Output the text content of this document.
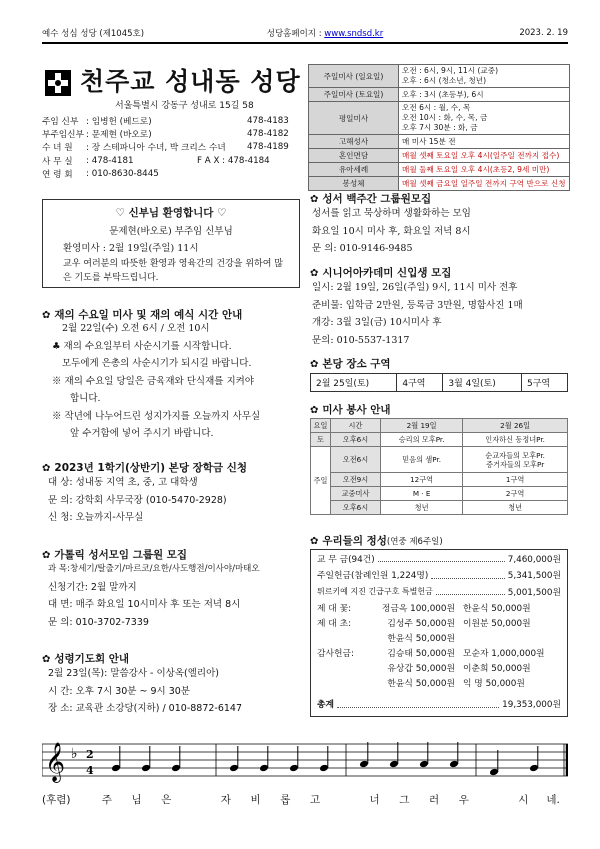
예수 성심 성당 (제1045호)	성당홈페이지 : www.sndsd.kr	2023. 2. 19
천주교 성내동 성당
서울특별시 강동구 성내로 15길 58
주임 신부 : 임병헌 (베드로)	478-4183
부주임신부 : 문제현 (바오로)	478-4182
수 녀 원	: 장 스테파니아 수녀, 박 크리스 수녀	478-4189
사 무 실	: 478-4181	F A X : 478-4184
연 령 회	: 010-8630-8445
주일미사 (일요일)	오전 : 6시, 9시, 11시 (교중)
오후 : 6시 (청소년, 청년)
주일미사 (토요일)	오후 : 3시 (초등부), 6시
평일미사	오전 6시 : 월, 수, 목
오전 10시 : 화, 수, 목, 금
오후 7시 30분 : 화, 금
고해성사	매 미사 15분 전
혼인면담	매월 셋째 토요일 오후 4시(일주일 전까지 접수)
유아세례	매월 둘째 토요일 오후 4시(초등2, 9세 미만)
봉성체	매월 셋째 금요일 일주일 전까지 구역 반으로 신청
♡ 신부님 환영합니다 ♡
문제현(바오로) 부주임 신부님
환영미사 : 2월 19일(주일) 11시
교우 여러분의 따뜻한 환영과 영육간의 건강을 위하여 많은 기도를 부탁드립니다.
✿ 재의 수요일 미사 및 재의 예식 시간 안내
2월 22일(수) 오전 6시 / 오전 10시
♣ 재의 수요일부터 사순시기를 시작합니다.
모두에게 은총의 사순시기가 되시길 바랍니다.
※ 재의 수요일 당일은 금육재와 단식재를 지켜야
합니다.
※ 작년에 나누어드린 성지가지를 오늘까지 사무실
앞 수거함에 넣어 주시기 바랍니다.
✿ 2023년 1학기(상반기) 본당 장학금 신청
대 상: 성내동 지역 초, 중, 고 대학생
문 의: 강학회 사무국장 (010-5470-2928)
신 청: 오늘까지-사무실
✿ 가톨릭 성서모임 그룹원 모집
과 목:창세기/탈출기/마르코/요한/사도행전/이사야/마태오
신청기간: 2월 말까지
대 면: 매주 화요일 10시미사 후 또는 저녁 8시
문 의: 010-3702-7339
✿ 성령기도회 안내
2월 23일(목): 말씀강사 - 이상옥(엘리아)
시 간: 오후 7시 30분 ~ 9시 30분
장 소: 교육관 소강당(지하) / 010-8872-6147
✿ 성서 백주간 그룹원모집
성서를 읽고 묵상하며 생활화하는 모임
화요일 10시 미사 후, 화요일 저녁 8시
문 의: 010-9146-9485
✿ 시니어아카데미 신입생 모집
일시: 2월 19일, 26일(주일) 9시, 11시 미사 전후
준비물: 입학금 2만원, 등록금 3만원, 명함사진 1매
개강: 3월 3일(금) 10시미사 후
문의: 010-5537-1317
✿ 본당 장소 구역
2월 25일(토)	4구역	3월 4일(토)	5구역
✿ 미사 봉사 안내
요일	시간	2월 19일	2월 26일
토	오후6시	승리의 모후Pr.	인자하신 동정녀Pr.
주일	오전6시	믿음의 샘Pr.	순교자들의 모후Pr.
증거자들의 모후Pr
	오전9시	12구역	1구역
	교중미사	M · E	2구역
	오후6시	청년	청년
✿ 우리들의 정성(연중 제6주일)
교 무 금(94건)	7,460,000원
주일헌금(참례인원 1,224명)	5,341,500원
튀르키예 지진 긴급구호 특별헌금	5,001,500원
제 대 꽃:	정금옥 100,000원 한윤식 50,000원
제 대 초:	김성주 50,000원 이원분 50,000원
한윤식 50,000원
감사헌금:	김승태 50,000원 모순자 1,000,000원
유상갑 50,000원 이춘희 50,000원
한윤식 50,000원 익 명 50,000원
총계	19,353,000원
𝄞 ♭ 2
4
(후렴)	주	님	은	자	비	롭	고	너	그	러	우	시	네.
